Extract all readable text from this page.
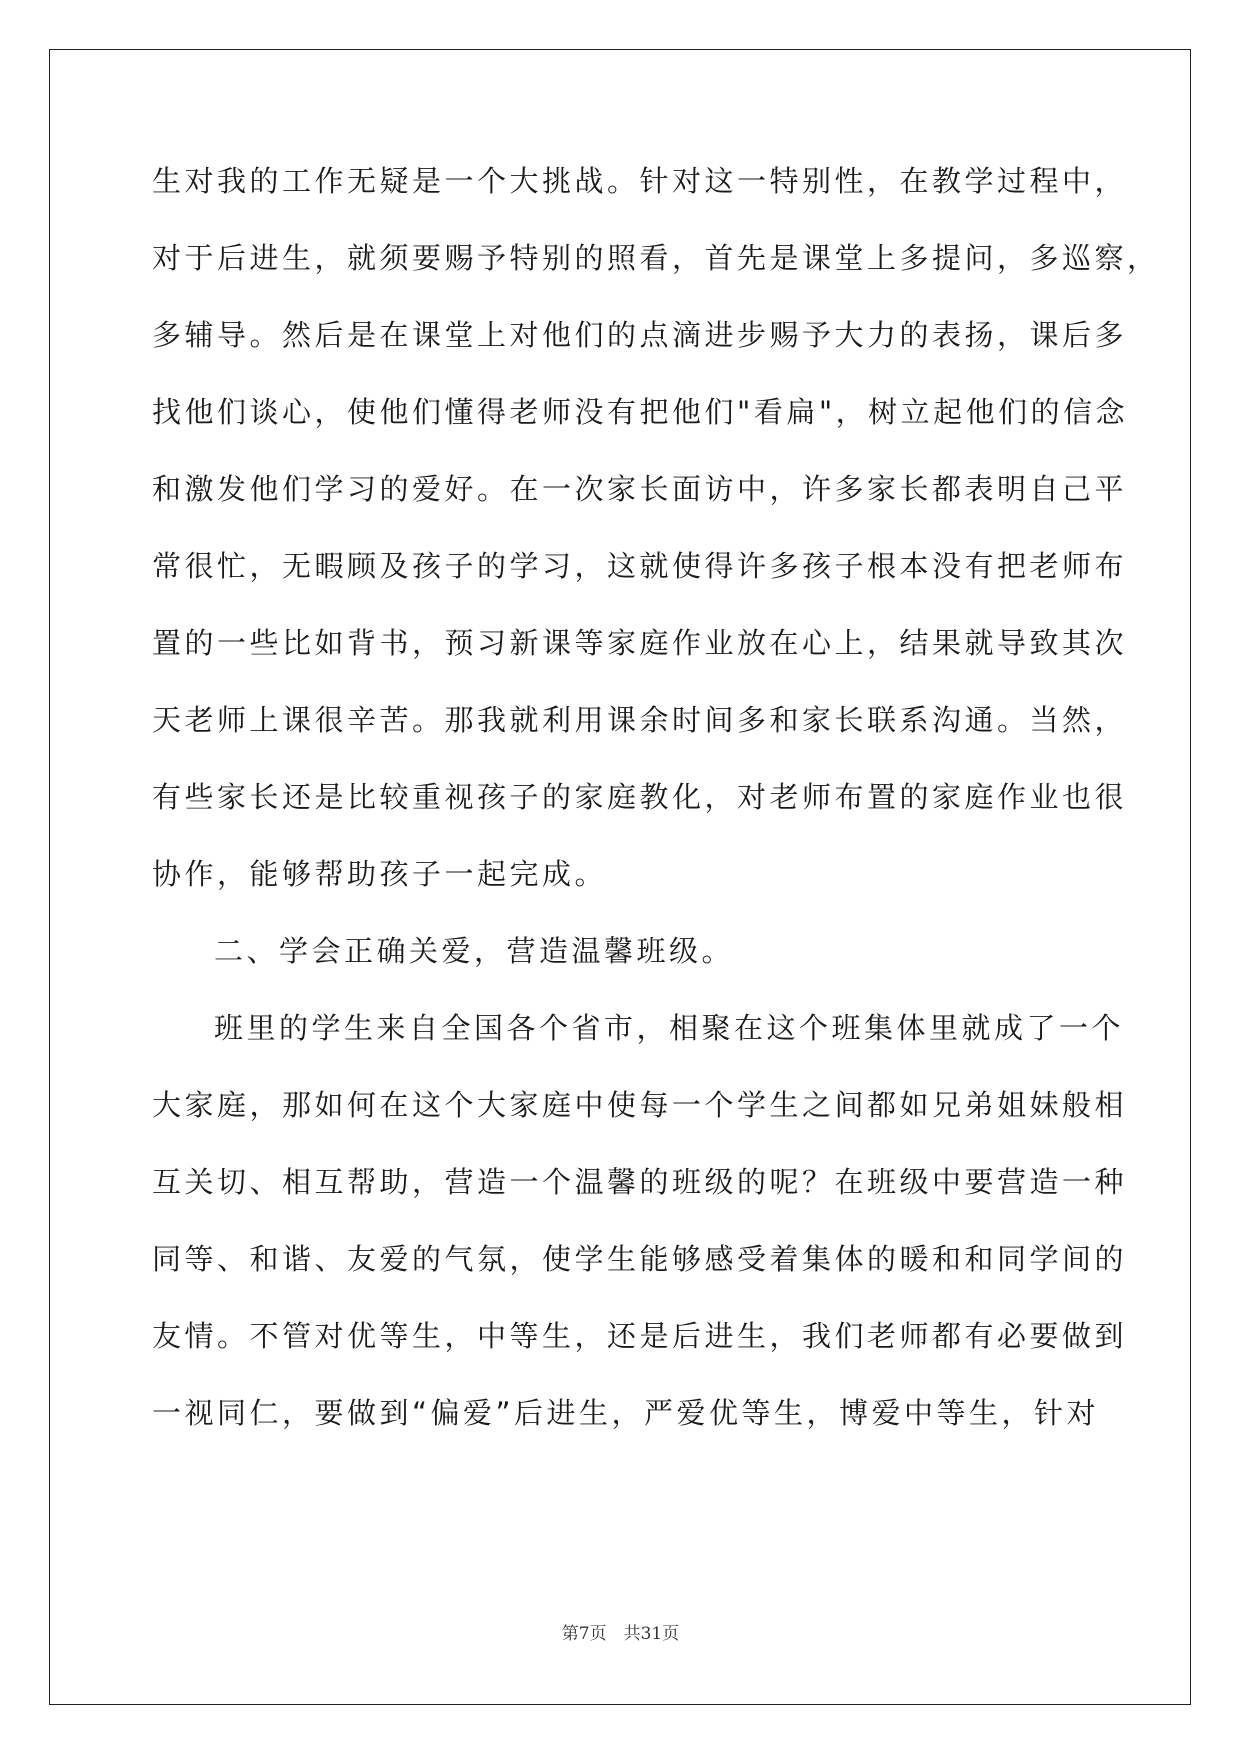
生对我的工作无疑是一个大挑战。针对这一特别性，在教学过程中，
对于后进生，就须要赐予特别的照看，首先是课堂上多提问，多巡察，
多辅导。然后是在课堂上对他们的点滴进步赐予大力的表扬，课后多
找他们谈心，使他们懂得老师没有把他们"看扁"，树立起他们的信念
和激发他们学习的爱好。在一次家长面访中，许多家长都表明自己平
常很忙，无暇顾及孩子的学习，这就使得许多孩子根本没有把老师布
置的一些比如背书，预习新课等家庭作业放在心上，结果就导致其次
天老师上课很辛苦。那我就利用课余时间多和家长联系沟通。当然，
有些家长还是比较重视孩子的家庭教化，对老师布置的家庭作业也很
协作，能够帮助孩子一起完成。
二、学会正确关爱，营造温馨班级。
班里的学生来自全国各个省市，相聚在这个班集体里就成了一个
大家庭，那如何在这个大家庭中使每一个学生之间都如兄弟姐妹般相
互关切、相互帮助，营造一个温馨的班级的呢？在班级中要营造一种
同等、和谐、友爱的气氛，使学生能够感受着集体的暖和和同学间的
友情。不管对优等生，中等生，还是后进生，我们老师都有必要做到
一视同仁，要做到“偏爱”后进生，严爱优等生，博爱中等生，针对
第7页　共31页
